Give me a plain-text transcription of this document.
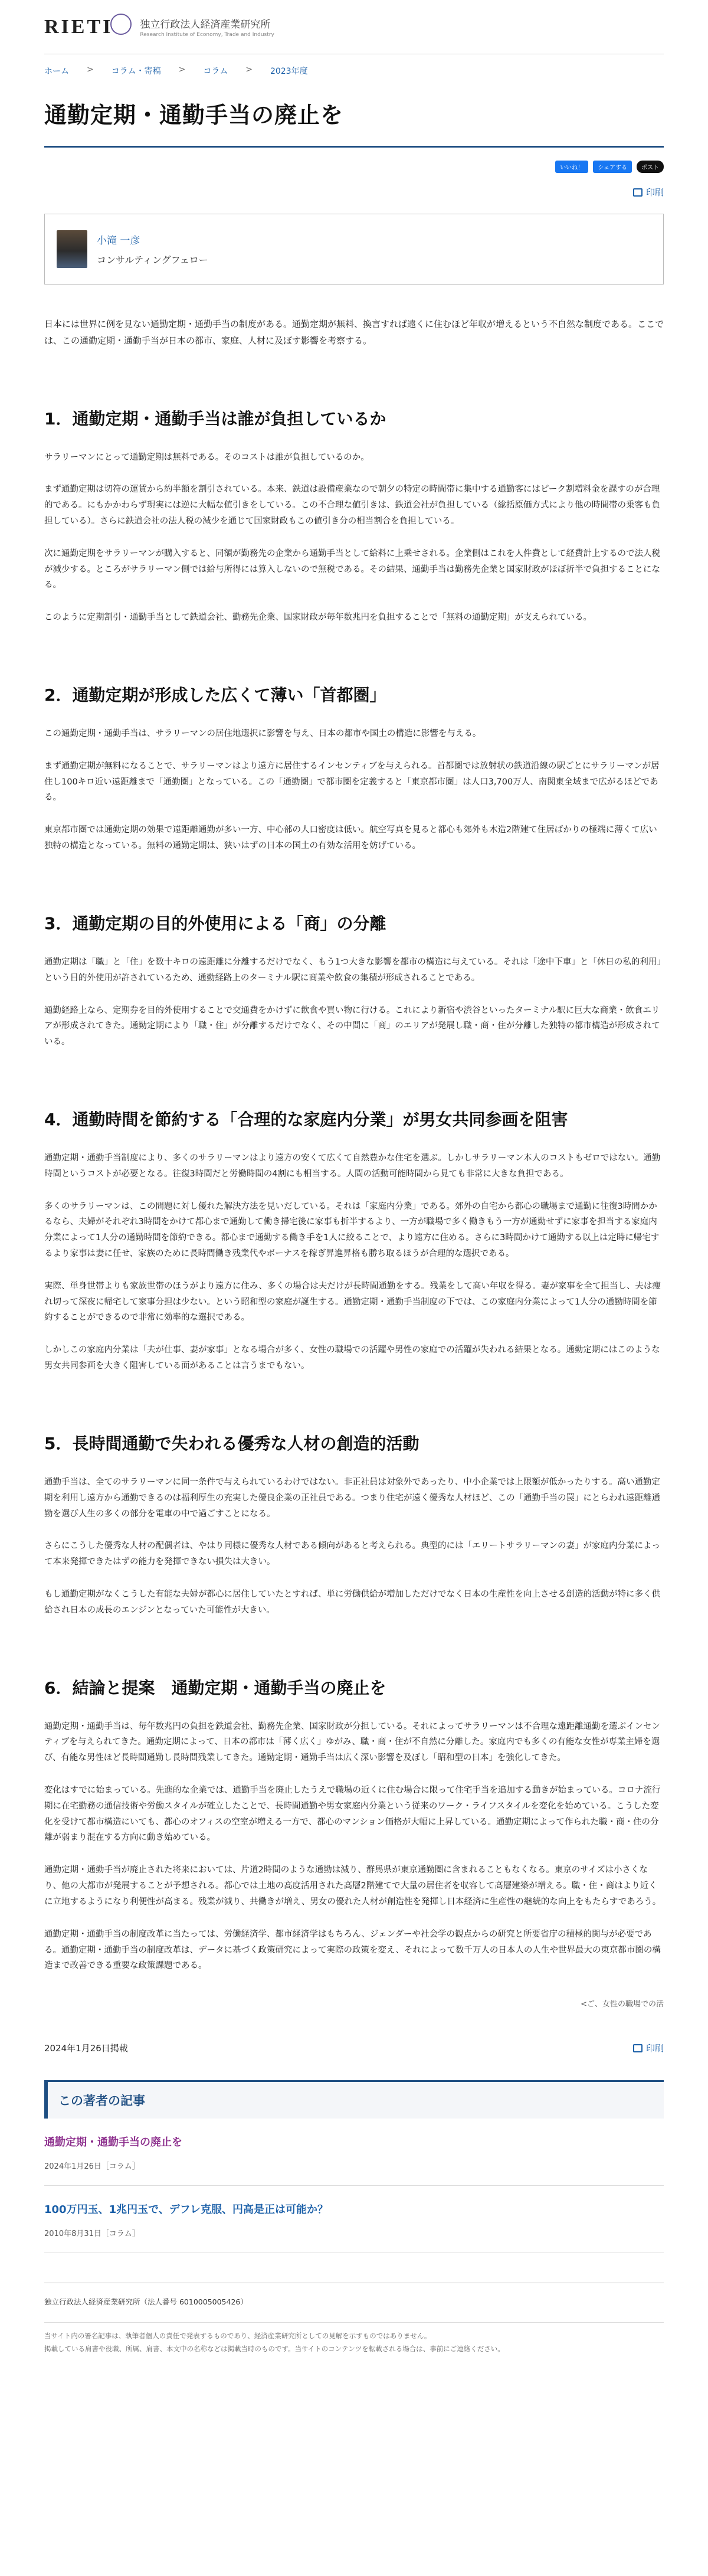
RIETI	独立行政法人経済産業研究所
Research Institute of Economy, Trade and Industry
ホーム > コラム・寄稿 > コラム > 2023年度
通勤定期・通勤手当の廃止を
いいね！	シェアする	ポスト
印刷
小滝 一彦
コンサルティングフェロー

日本には世界に例を見ない通勤定期・通勤手当の制度がある。通勤定期が無料、換言すれば遠くに住むほど年収が増えるという不自然な制度である。ここでは、この通勤定期・通勤手当が日本の都市、家庭、人材に及ぼす影響を考察する。

1．通勤定期・通勤手当は誰が負担しているか

サラリーマンにとって通勤定期は無料である。そのコストは誰が負担しているのか。

まず通勤定期は切符の運賃から約半額を割引されている。本来、鉄道は設備産業なので朝夕の特定の時間帯に集中する通勤客にはピーク割増料金を課すのが合理的である。にもかかわらず現実には逆に大幅な値引きをしている。この不合理な値引きは、鉄道会社が負担している（総括原価方式により他の時間帯の乗客も負担している）。さらに鉄道会社の法人税の減少を通じて国家財政もこの値引き分の相当割合を負担している。

次に通勤定期をサラリーマンが購入すると、同額が勤務先の企業から通勤手当として給料に上乗せされる。企業側はこれを人件費として経費計上するので法人税が減少する。ところがサラリーマン側では給与所得には算入しないので無税である。その結果、通勤手当は勤務先企業と国家財政がほぼ折半で負担することになる。

このように定期割引・通勤手当として鉄道会社、勤務先企業、国家財政が毎年数兆円を負担することで「無料の通勤定期」が支えられている。

2．通勤定期が形成した広くて薄い「首都圏」

この通勤定期・通勤手当は、サラリーマンの居住地選択に影響を与え、日本の都市や国土の構造に影響を与える。

まず通勤定期が無料になることで、サラリーマンはより遠方に居住するインセンティブを与えられる。首都圏では放射状の鉄道沿線の駅ごとにサラリーマンが居住し100キロ近い遠距離まで「通勤圏」となっている。この「通勤圏」で都市圏を定義すると「東京都市圏」は人口3,700万人、南関東全域まで広がるほどである。

東京都市圏では通勤定期の効果で遠距離通勤が多い一方、中心部の人口密度は低い。航空写真を見ると都心も郊外も木造2階建て住居ばかりの極端に薄くて広い独特の構造となっている。無料の通勤定期は、狭いはずの日本の国土の有効な活用を妨げている。

3．通勤定期の目的外使用による「商」の分離

通勤定期は「職」と「住」を数十キロの遠距離に分離するだけでなく、もう1つ大きな影響を都市の構造に与えている。それは「途中下車」と「休日の私的利用」という目的外使用が許されているため、通勤経路上のターミナル駅に商業や飲食の集積が形成されることである。

通勤経路上なら、定期券を目的外使用することで交通費をかけずに飲食や買い物に行ける。これにより新宿や渋谷といったターミナル駅に巨大な商業・飲食エリアが形成されてきた。通勤定期により「職・住」が分離するだけでなく、その中間に「商」のエリアが発展し職・商・住が分離した独特の都市構造が形成されている。

4．通勤時間を節約する「合理的な家庭内分業」が男女共同参画を阻害

通勤定期・通勤手当制度により、多くのサラリーマンはより遠方の安くて広くて自然豊かな住宅を選ぶ。しかしサラリーマン本人のコストもゼロではない。通勤時間というコストが必要となる。往復3時間だと労働時間の4割にも相当する。人間の活動可能時間から見ても非常に大きな負担である。

多くのサラリーマンは、この問題に対し優れた解決方法を見いだしている。それは「家庭内分業」である。郊外の自宅から都心の職場まで通勤に往復3時間かかるなら、夫婦がそれぞれ3時間をかけて都心まで通勤して働き掃宅後に家事も折半するより、一方が職場で多く働きもう一方が通勤せずに家事を担当する家庭内分業によって1人分の通勤時間を節約できる。都心まで通勤する働き手を1人に絞ることで、より遠方に住める。さらに3時間かけて通勤する以上は定時に帰宅するより家事は妻に任せ、家族のために長時間働き残業代やボーナスを稼ぎ昇進昇格も勝ち取るほうが合理的な選択である。

実際、単身世帯よりも家族世帯のほうがより遠方に住み、多くの場合は夫だけが長時間通勤をする。残業をして高い年収を得る。妻が家事を全て担当し、夫は痩れ切って深夜に帰宅して家事分担は少ない。という昭和型の家庭が誕生する。通勤定期・通勤手当制度の下では、この家庭内分業によって1人分の通勤時間を節約することができるので非常に効率的な選択である。

しかしこの家庭内分業は「夫が仕事、妻が家事」となる場合が多く、女性の職場での活躍や男性の家庭での活躍が失われる結果となる。通勤定期にはこのような男女共同参画を大きく阻害している面があることは言うまでもない。

5．長時間通勤で失われる優秀な人材の創造的活動

通勤手当は、全てのサラリーマンに同一条件で与えられているわけではない。非正社員は対象外であったり、中小企業では上限額が低かったりする。高い通勤定期を利用し遠方から通勤できるのは福利厚生の充実した優良企業の正社員である。つまり住宅が遠く優秀な人材ほど、この「通勤手当の罠」にとらわれ遠距離通勤を選び人生の多くの部分を電車の中で過ごすことになる。

さらにこうした優秀な人材の配偶者は、やはり同様に優秀な人材である傾向があると考えられる。典型的には「エリートサラリーマンの妻」が家庭内分業によって本来発揮できたはずの能力を発揮できない損失は大きい。

もし通勤定期がなくこうした有能な夫婦が都心に居住していたとすれば、単に労働供給が増加しただけでなく日本の生産性を向上させる創造的活動が特に多く供給され日本の成長のエンジンとなっていた可能性が大きい。

6．結論と提案　通勤定期・通勤手当の廃止を

通勤定期・通勤手当は、毎年数兆円の負担を鉄道会社、勤務先企業、国家財政が分担している。それによってサラリーマンは不合理な遠距離通勤を選ぶインセンティブを与えられてきた。通勤定期によって、日本の都市は「薄く広く」ゆがみ、職・商・住が不自然に分離した。家庭内でも多くの有能な女性が専業主婦を選び、有能な男性ほど長時間通勤し長時間残業してきた。通勤定期・通勤手当は広く深い影響を及ぼし「昭和型の日本」を強化してきた。

変化はすでに始まっている。先進的な企業では、通勤手当を廃止したうえで職場の近くに住む場合に限って住宅手当を追加する動きが始まっている。コロナ流行期に在宅勤務の通信技術や労働スタイルが確立したことで、長時間通勤や男女家庭内分業という従来のワーク・ライフスタイルを変化を始めている。こうした変化を受けて都市構造にいても、都心のオフィスの空室が増える一方で、都心のマンション価格が大幅に上昇している。通勤定期によって作られた職・商・住の分離が弱まり混在する方向に動き始めている。

通勤定期・通勤手当が廃止された将来においては、片道2時間のような通勤は減り、群馬県が東京通勤圏に含まれることもなくなる。東京のサイズは小さくなり、他の大都市が発展することが予想される。都心では土地の高度活用された高層2階建てで大量の居住者を収容して高層建築が増える。職・住・商はより近くに立地するようになり利便性が高まる。残業が減り、共働きが増え、男女の優れた人材が創造性を発揮し日本経済に生産性の継続的な向上をもたらすであろう。

通勤定期・通勤手当の制度改革に当たっては、労働経済学、都市経済学はもちろん、ジェンダーや社会学の観点からの研究と所要省庁の積極的関与が必要である。通勤定期・通勤手当の制度改革は、データに基づく政策研究によって実際の政策を変え、それによって数千万人の日本人の人生や世界最大の東京都市圏の構造まで改善できる重要な政策課題である。

<ご、女性の職場での活
2024年1月26日掲載	印刷
この著者の記事
通勤定期・通勤手当の廃止を
2024年1月26日［コラム］
100万円玉、1兆円玉で、デフレ克服、円高是正は可能か？
2010年8月31日［コラム］
独立行政法人経済産業研究所（法人番号 6010005005426）
当サイト内の署名記事は、執筆者個人の責任で発表するものであり、経済産業研究所としての見解を示すものではありません。
掲載している肩書や役職、所属、肩書、本文中の名称などは掲載当時のものです。当サイトのコンテンツを転載される場合は、事前にご連絡ください。
